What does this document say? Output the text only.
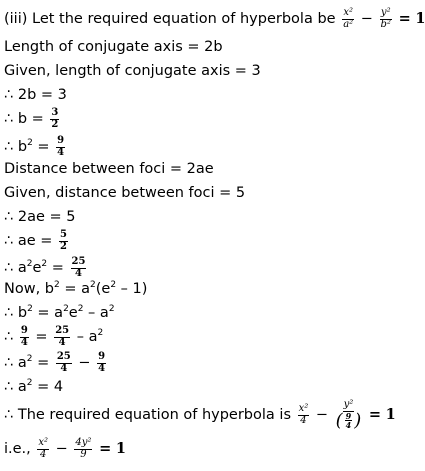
(iii) Let the required equation of hyperbola be $\frac{\text{x²}}{\text{a²}} - \frac{\text{y²}}{\text{b²}} = 1$
Length of conjugate axis = 2b
Given, length of conjugate axis = 3
∴ 2b = 3
∴ $b = \frac{3}{2}$
∴ $b^2 = \frac{9}{4}$
Distance between foci = 2ae
Given, distance between foci = 5
∴ 2ae = 5
∴ ae = $\frac{5}{2}$
∴ $a^2e^2 = \frac{25}{4}$
Now, $b^2 = a^2(e^2 - 1)$
∴ $b^2 = a^2e^2 - a^2$
∴ $\frac{9}{4} = \frac{25}{4} - a^2$
∴ $a^2 = \frac{25}{4} - \frac{9}{4}$
∴ $a^2 = 4$
∴ The required equation of hyperbola is $\frac{\text{x²}}{4} - \frac{\text{y²}}{( \frac{9}{4} )} = 1$
i.e., $\frac{\text{x²}}{4} - \frac{\text{4y²}}{9} = 1$
